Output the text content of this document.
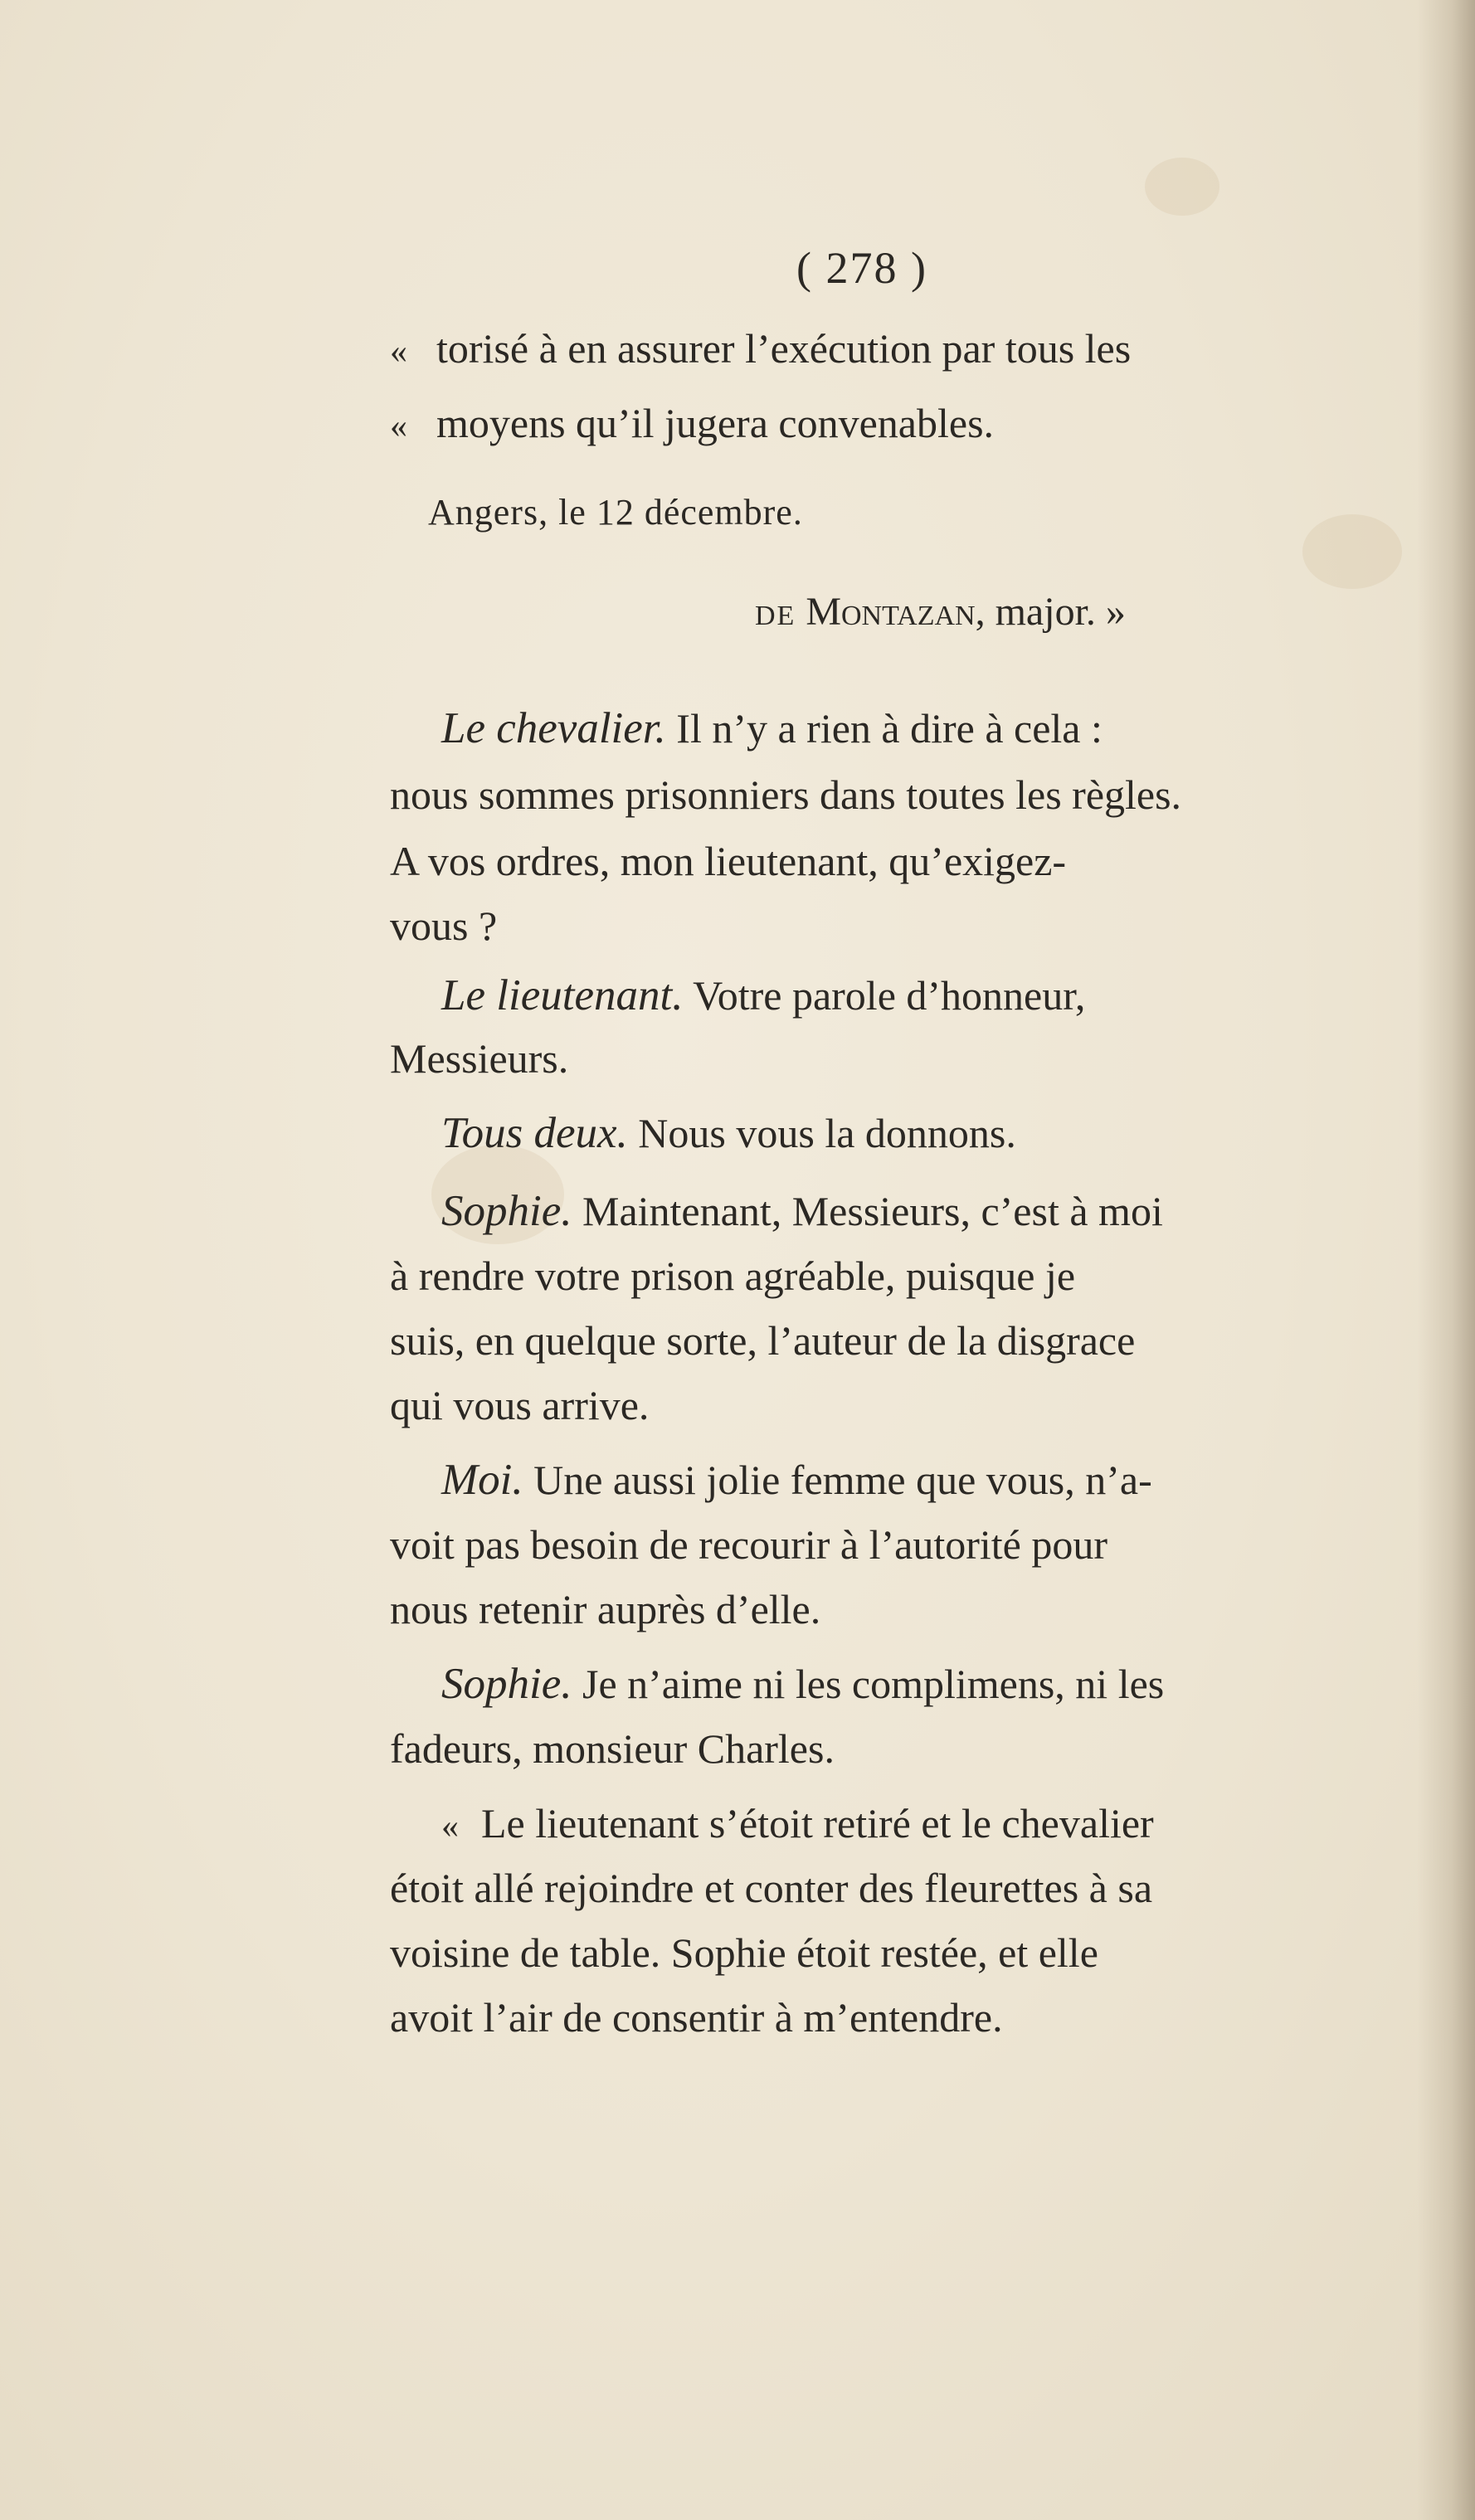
( 278 )
« torisé à en assurer l’exécution par tous les
« moyens qu’il jugera convenables.
Angers, le 12 décembre.
DE Montazan, major. »
Le chevalier. Il n’y a rien à dire à cela :
nous sommes prisonniers dans toutes les règles.
A vos ordres, mon lieutenant, qu’exigez-
vous ?
Le lieutenant. Votre parole d’honneur,
Messieurs.
Tous deux. Nous vous la donnons.
Sophie. Maintenant, Messieurs, c’est à moi
à rendre votre prison agréable, puisque je
suis, en quelque sorte, l’auteur de la disgrace
qui vous arrive.
Moi. Une aussi jolie femme que vous, n’a-
voit pas besoin de recourir à l’autorité pour
nous retenir auprès d’elle.
Sophie. Je n’aime ni les complimens, ni les
fadeurs, monsieur Charles.
« Le lieutenant s’étoit retiré et le chevalier
étoit allé rejoindre et conter des fleurettes à sa
voisine de table. Sophie étoit restée, et elle
avoit l’air de consentir à m’entendre.
